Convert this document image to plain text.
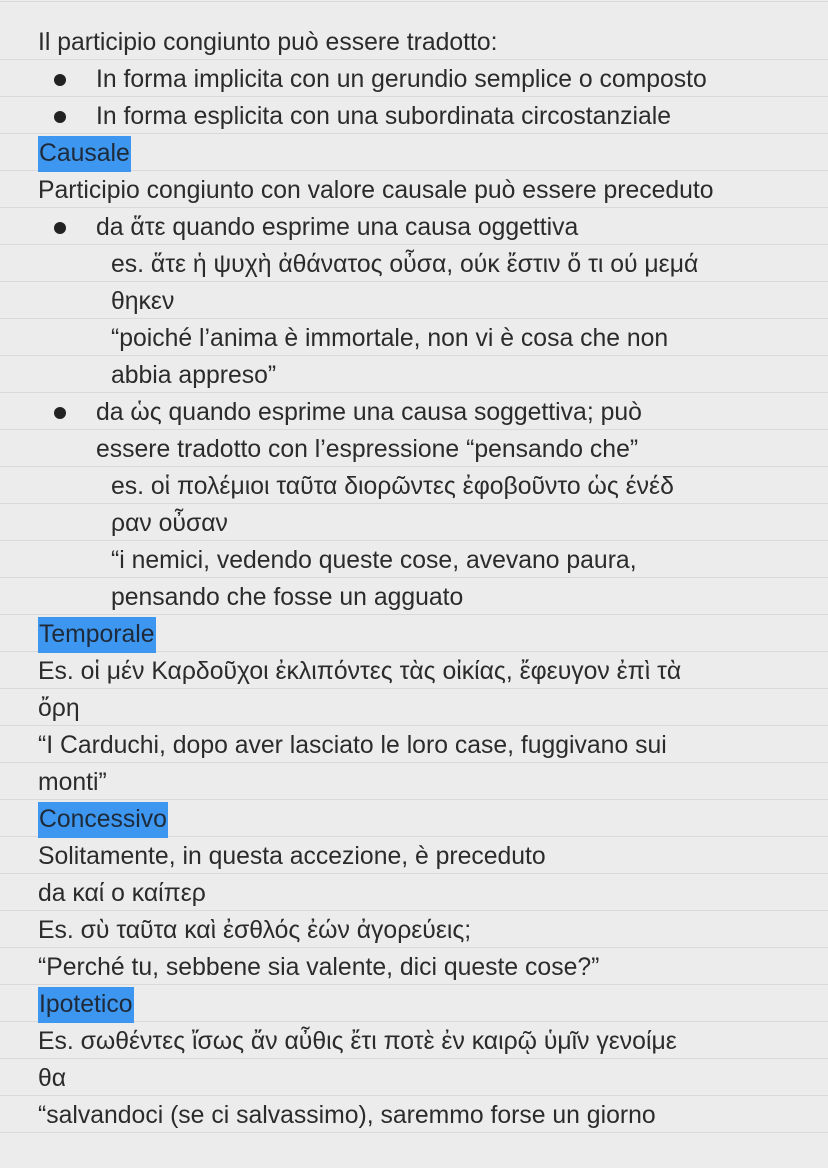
Il participio congiunto può essere tradotto:
In forma implicita con un gerundio semplice o composto
In forma esplicita con una subordinata circostanziale
Causale
Participio congiunto con valore causale può essere preceduto
da ἅτε quando esprime una causa oggettiva
es. ἅτε ἡ ψυχὴ ἀθάνατος οὖσα, ούκ ἔστιν ὅ τι ού μεμά
θηκεν
“poiché l’anima è immortale, non vi è cosa che non
abbia appreso”
da ὡς quando esprime una causa soggettiva; può
essere tradotto con l’espressione “pensando che”
es. οἱ πολέμιοι ταῦτα διορῶντες ἐφοβοῦντο ὡς ένέδ
ραν οὖσαν
“i nemici, vedendo queste cose, avevano paura,
pensando che fosse un agguato
Temporale
Es. οἱ μέν Καρδοῦχοι ἐκλιπόντες τὰς οἰκίας, ἔφευγον ἐπὶ τὰ
ὄρη
“I Carduchi, dopo aver lasciato le loro case, fuggivano sui
monti”
Concessivo
Solitamente, in questa accezione, è preceduto
da καί o καίπερ
Es. σὺ ταῦτα καὶ ἐσθλός ἐών ἀγορεύεις;
“Perché tu, sebbene sia valente, dici queste cose?”
Ipotetico
Es. σωθέντες ἴσως ἄν αὖθις ἔτι ποτὲ ἐν καιρῷ ὑμῖν γενοίμε
θα
“salvandoci (se ci salvassimo), saremmo forse un giorno
